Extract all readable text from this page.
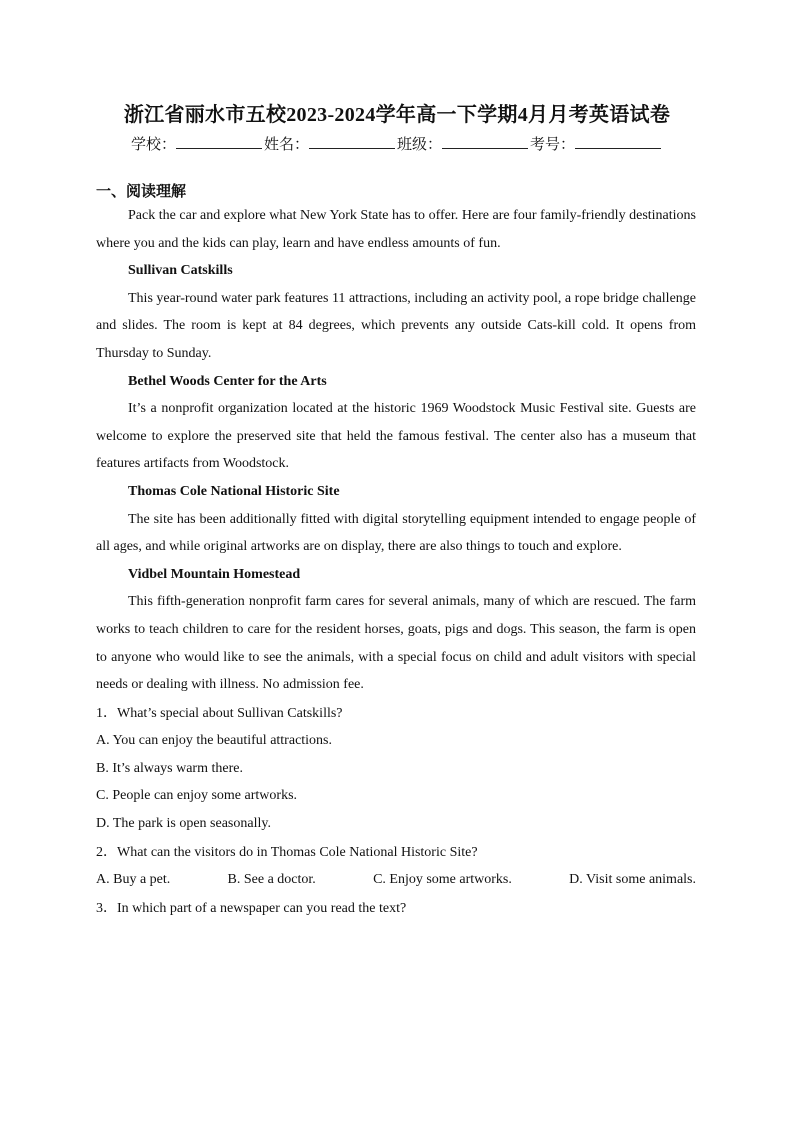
浙江省丽水市五校2023-2024学年高一下学期4月月考英语试卷
学校：	姓名：	班级：	考号：
一、阅读理解

Pack the car and explore what New York State has to offer. Here are four family-friendly destinations where you and the kids can play, learn and have endless amounts of fun.

Sullivan Catskills

This year-round water park features 11 attractions, including an activity pool, a rope bridge challenge and slides. The room is kept at 84 degrees, which prevents any outside Cats-kill cold. It opens from Thursday to Sunday.

Bethel Woods Center for the Arts

It’s a nonprofit organization located at the historic 1969 Woodstock Music Festival site. Guests are welcome to explore the preserved site that held the famous festival. The center also has a museum that features artifacts from Woodstock.

Thomas Cole National Historic Site

The site has been additionally fitted with digital storytelling equipment intended to engage people of all ages, and while original artworks are on display, there are also things to touch and explore.

Vidbel Mountain Homestead

This fifth-generation nonprofit farm cares for several animals, many of which are rescued. The farm works to teach children to care for the resident horses, goats, pigs and dogs. This season, the farm is open to anyone who would like to see the animals, with a special focus on child and adult visitors with special needs or dealing with illness. No admission fee.

1．What’s special about Sullivan Catskills?

A. You can enjoy the beautiful attractions.

B. It’s always warm there.

C. People can enjoy some artworks.

D. The park is open seasonally.

2．What can the visitors do in Thomas Cole National Historic Site?

A. Buy a pet.	B. See a doctor.	C. Enjoy some artworks.	D. Visit some animals.

3．In which part of a newspaper can you read the text?
